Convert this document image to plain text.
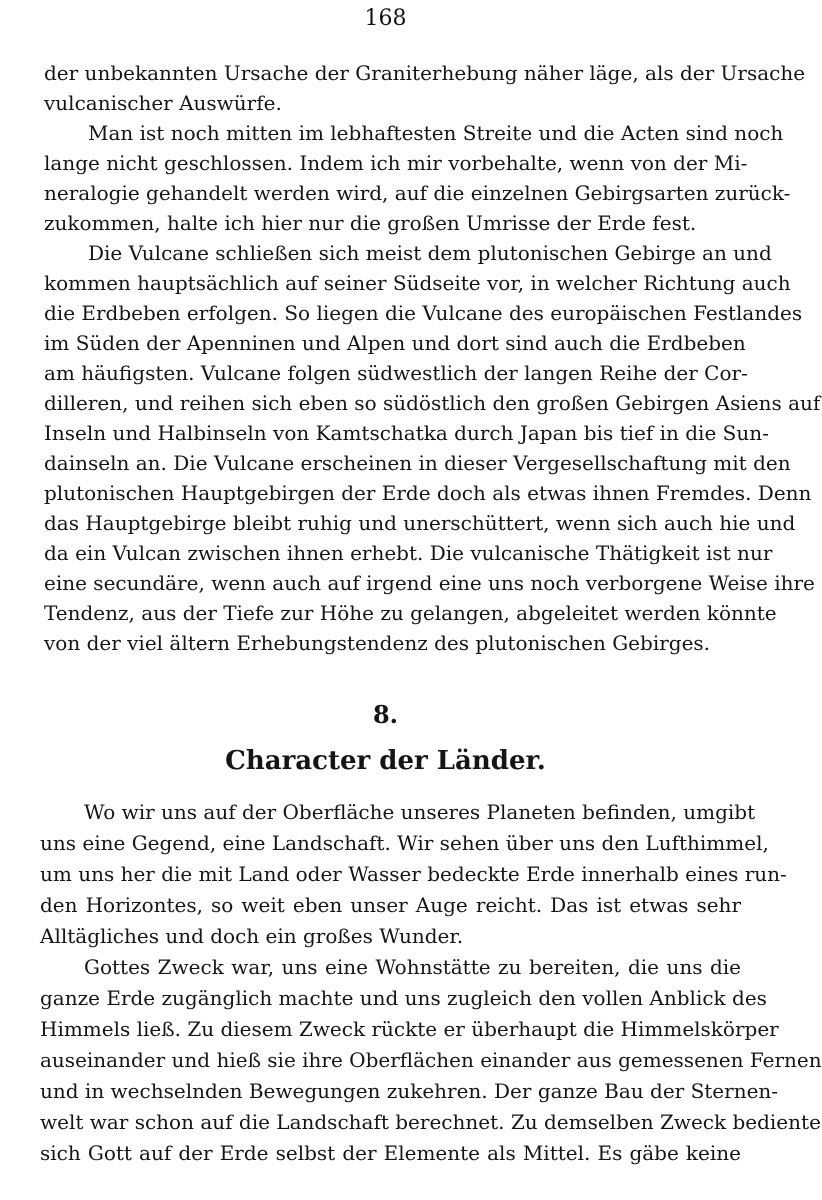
168
der unbekannten Ursache der Graniterhebung näher läge, als der Ursache
vulcanischer Auswürfe.
Man ist noch mitten im lebhaftesten Streite und die Acten sind noch
lange nicht geschlossen. Indem ich mir vorbehalte, wenn von der Mi-
neralogie gehandelt werden wird, auf die einzelnen Gebirgsarten zurück-
zukommen, halte ich hier nur die großen Umrisse der Erde fest.
Die Vulcane schließen sich meist dem plutonischen Gebirge an und
kommen hauptsächlich auf seiner Südseite vor, in welcher Richtung auch
die Erdbeben erfolgen. So liegen die Vulcane des europäischen Festlandes
im Süden der Apenninen und Alpen und dort sind auch die Erdbeben
am häufigsten. Vulcane folgen südwestlich der langen Reihe der Cor-
dilleren, und reihen sich eben so südöstlich den großen Gebirgen Asiens auf
Inseln und Halbinseln von Kamtschatka durch Japan bis tief in die Sun-
dainseln an. Die Vulcane erscheinen in dieser Vergesellschaftung mit den
plutonischen Hauptgebirgen der Erde doch als etwas ihnen Fremdes. Denn
das Hauptgebirge bleibt ruhig und unerschüttert, wenn sich auch hie und
da ein Vulcan zwischen ihnen erhebt. Die vulcanische Thätigkeit ist nur
eine secundäre, wenn auch auf irgend eine uns noch verborgene Weise ihre
Tendenz, aus der Tiefe zur Höhe zu gelangen, abgeleitet werden könnte
von der viel ältern Erhebungstendenz des plutonischen Gebirges.
8.
Character der Länder.
Wo wir uns auf der Oberfläche unseres Planeten befinden, umgibt
uns eine Gegend, eine Landschaft. Wir sehen über uns den Lufthimmel,
um uns her die mit Land oder Wasser bedeckte Erde innerhalb eines run-
den Horizontes, so weit eben unser Auge reicht. Das ist etwas sehr
Alltägliches und doch ein großes Wunder.
Gottes Zweck war, uns eine Wohnstätte zu bereiten, die uns die
ganze Erde zugänglich machte und uns zugleich den vollen Anblick des
Himmels ließ. Zu diesem Zweck rückte er überhaupt die Himmelskörper
auseinander und hieß sie ihre Oberflächen einander aus gemessenen Fernen
und in wechselnden Bewegungen zukehren. Der ganze Bau der Sternen-
welt war schon auf die Landschaft berechnet. Zu demselben Zweck bediente
sich Gott auf der Erde selbst der Elemente als Mittel. Es gäbe keine
